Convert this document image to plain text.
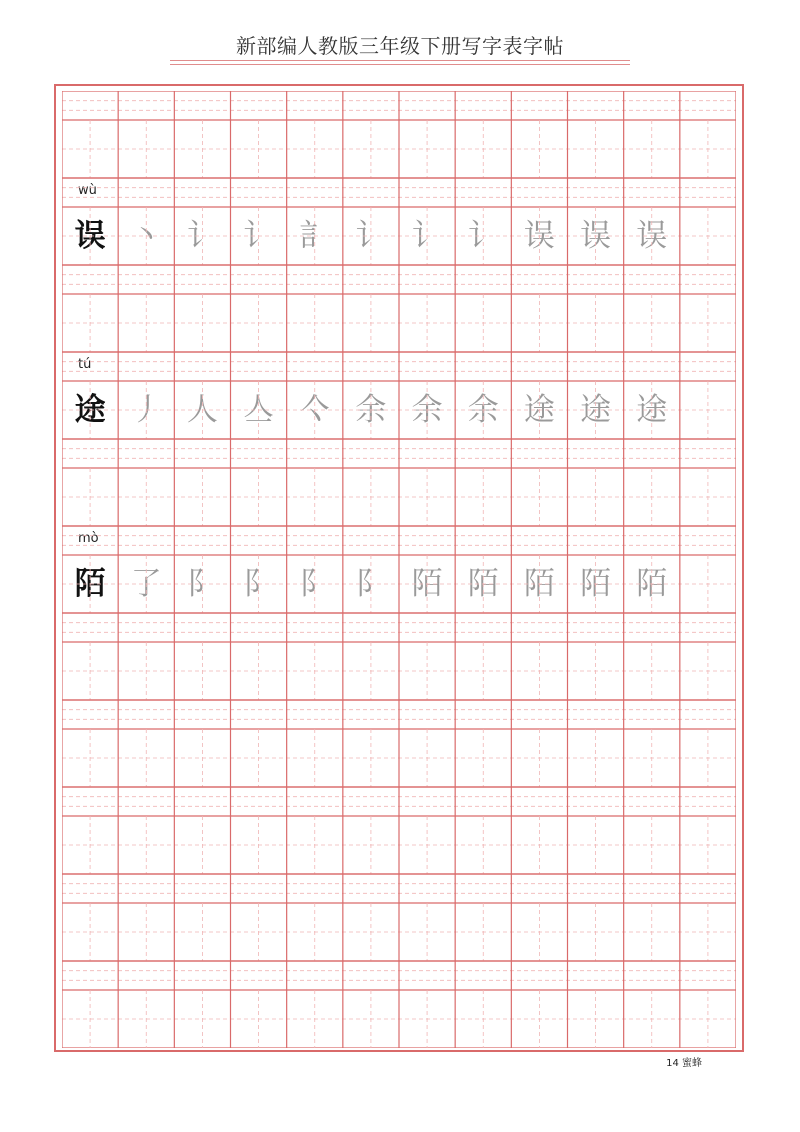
新部编人教版三年级下册写字表字帖
wù
误 丶 讠 讠 訁 讠 讠 讠 误 误 误
tú
途 丿 人 亼 亽 余 余 余 途 途 途
mò
陌 了 阝 阝 阝 阝 陌 陌 陌 陌 陌
14 蜜蜂
